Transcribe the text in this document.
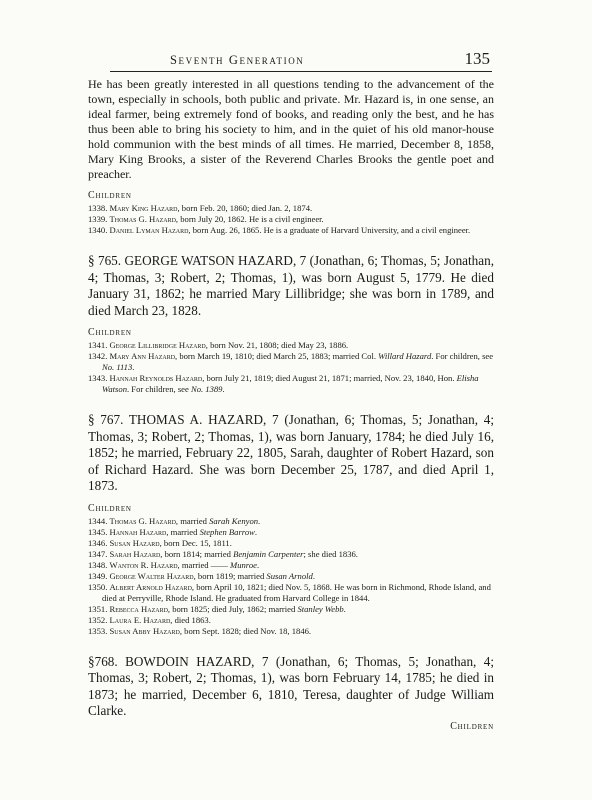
Seventh Generation	135

He has been greatly interested in all questions tending to the advancement of the town, especially in schools, both public and private. Mr. Hazard is, in one sense, an ideal farmer, being extremely fond of books, and reading only the best, and he has thus been able to bring his society to him, and in the quiet of his old manor-house hold communion with the best minds of all times. He married, December 8, 1858, Mary King Brooks, a sister of the Reverend Charles Brooks the gentle poet and preacher.

Children
1338. Mary King Hazard, born Feb. 20, 1860; died Jan. 2, 1874.
1339. Thomas G. Hazard, born July 20, 1862. He is a civil engineer.
1340. Daniel Lyman Hazard, born Aug. 26, 1865. He is a graduate of Harvard University, and a civil engineer.

§ 765. GEORGE WATSON HAZARD, 7 (Jonathan, 6; Thomas, 5; Jonathan, 4; Thomas, 3; Robert, 2; Thomas, 1), was born August 5, 1779. He died January 31, 1862; he married Mary Lillibridge; she was born in 1789, and died March 23, 1828.

Children
1341. George Lillibridge Hazard, born Nov. 21, 1808; died May 23, 1886.
1342. Mary Ann Hazard, born March 19, 1810; died March 25, 1883; married Col. Willard Hazard. For children, see No. 1113.
1343. Hannah Reynolds Hazard, born July 21, 1819; died August 21, 1871; married, Nov. 23, 1840, Hon. Elisha Watson. For children, see No. 1389.

§ 767. THOMAS A. HAZARD, 7 (Jonathan, 6; Thomas, 5; Jonathan, 4; Thomas, 3; Robert, 2; Thomas, 1), was born January, 1784; he died July 16, 1852; he married, February 22, 1805, Sarah, daughter of Robert Hazard, son of Richard Hazard. She was born December 25, 1787, and died April 1, 1873.

Children
1344. Thomas G. Hazard, married Sarah Kenyon.
1345. Hannah Hazard, married Stephen Barrow.
1346. Susan Hazard, born Dec. 15, 1811.
1347. Sarah Hazard, born 1814; married Benjamin Carpenter; she died 1836.
1348. Wanton R. Hazard, married —— Munroe.
1349. George Walter Hazard, born 1819; married Susan Arnold.
1350. Albert Arnold Hazard, born April 10, 1821; died Nov. 5, 1868. He was born in Richmond, Rhode Island, and died at Perryville, Rhode Island. He graduated from Harvard College in 1844.
1351. Rebecca Hazard, born 1825; died July, 1862; married Stanley Webb.
1352. Laura E. Hazard, died 1863.
1353. Susan Abby Hazard, born Sept. 1828; died Nov. 18, 1846.

§768. BOWDOIN HAZARD, 7 (Jonathan, 6; Thomas, 5; Jonathan, 4; Thomas, 3; Robert, 2; Thomas, 1), was born February 14, 1785; he died in 1873; he married, December 6, 1810, Teresa, daughter of Judge William Clarke.

Children
